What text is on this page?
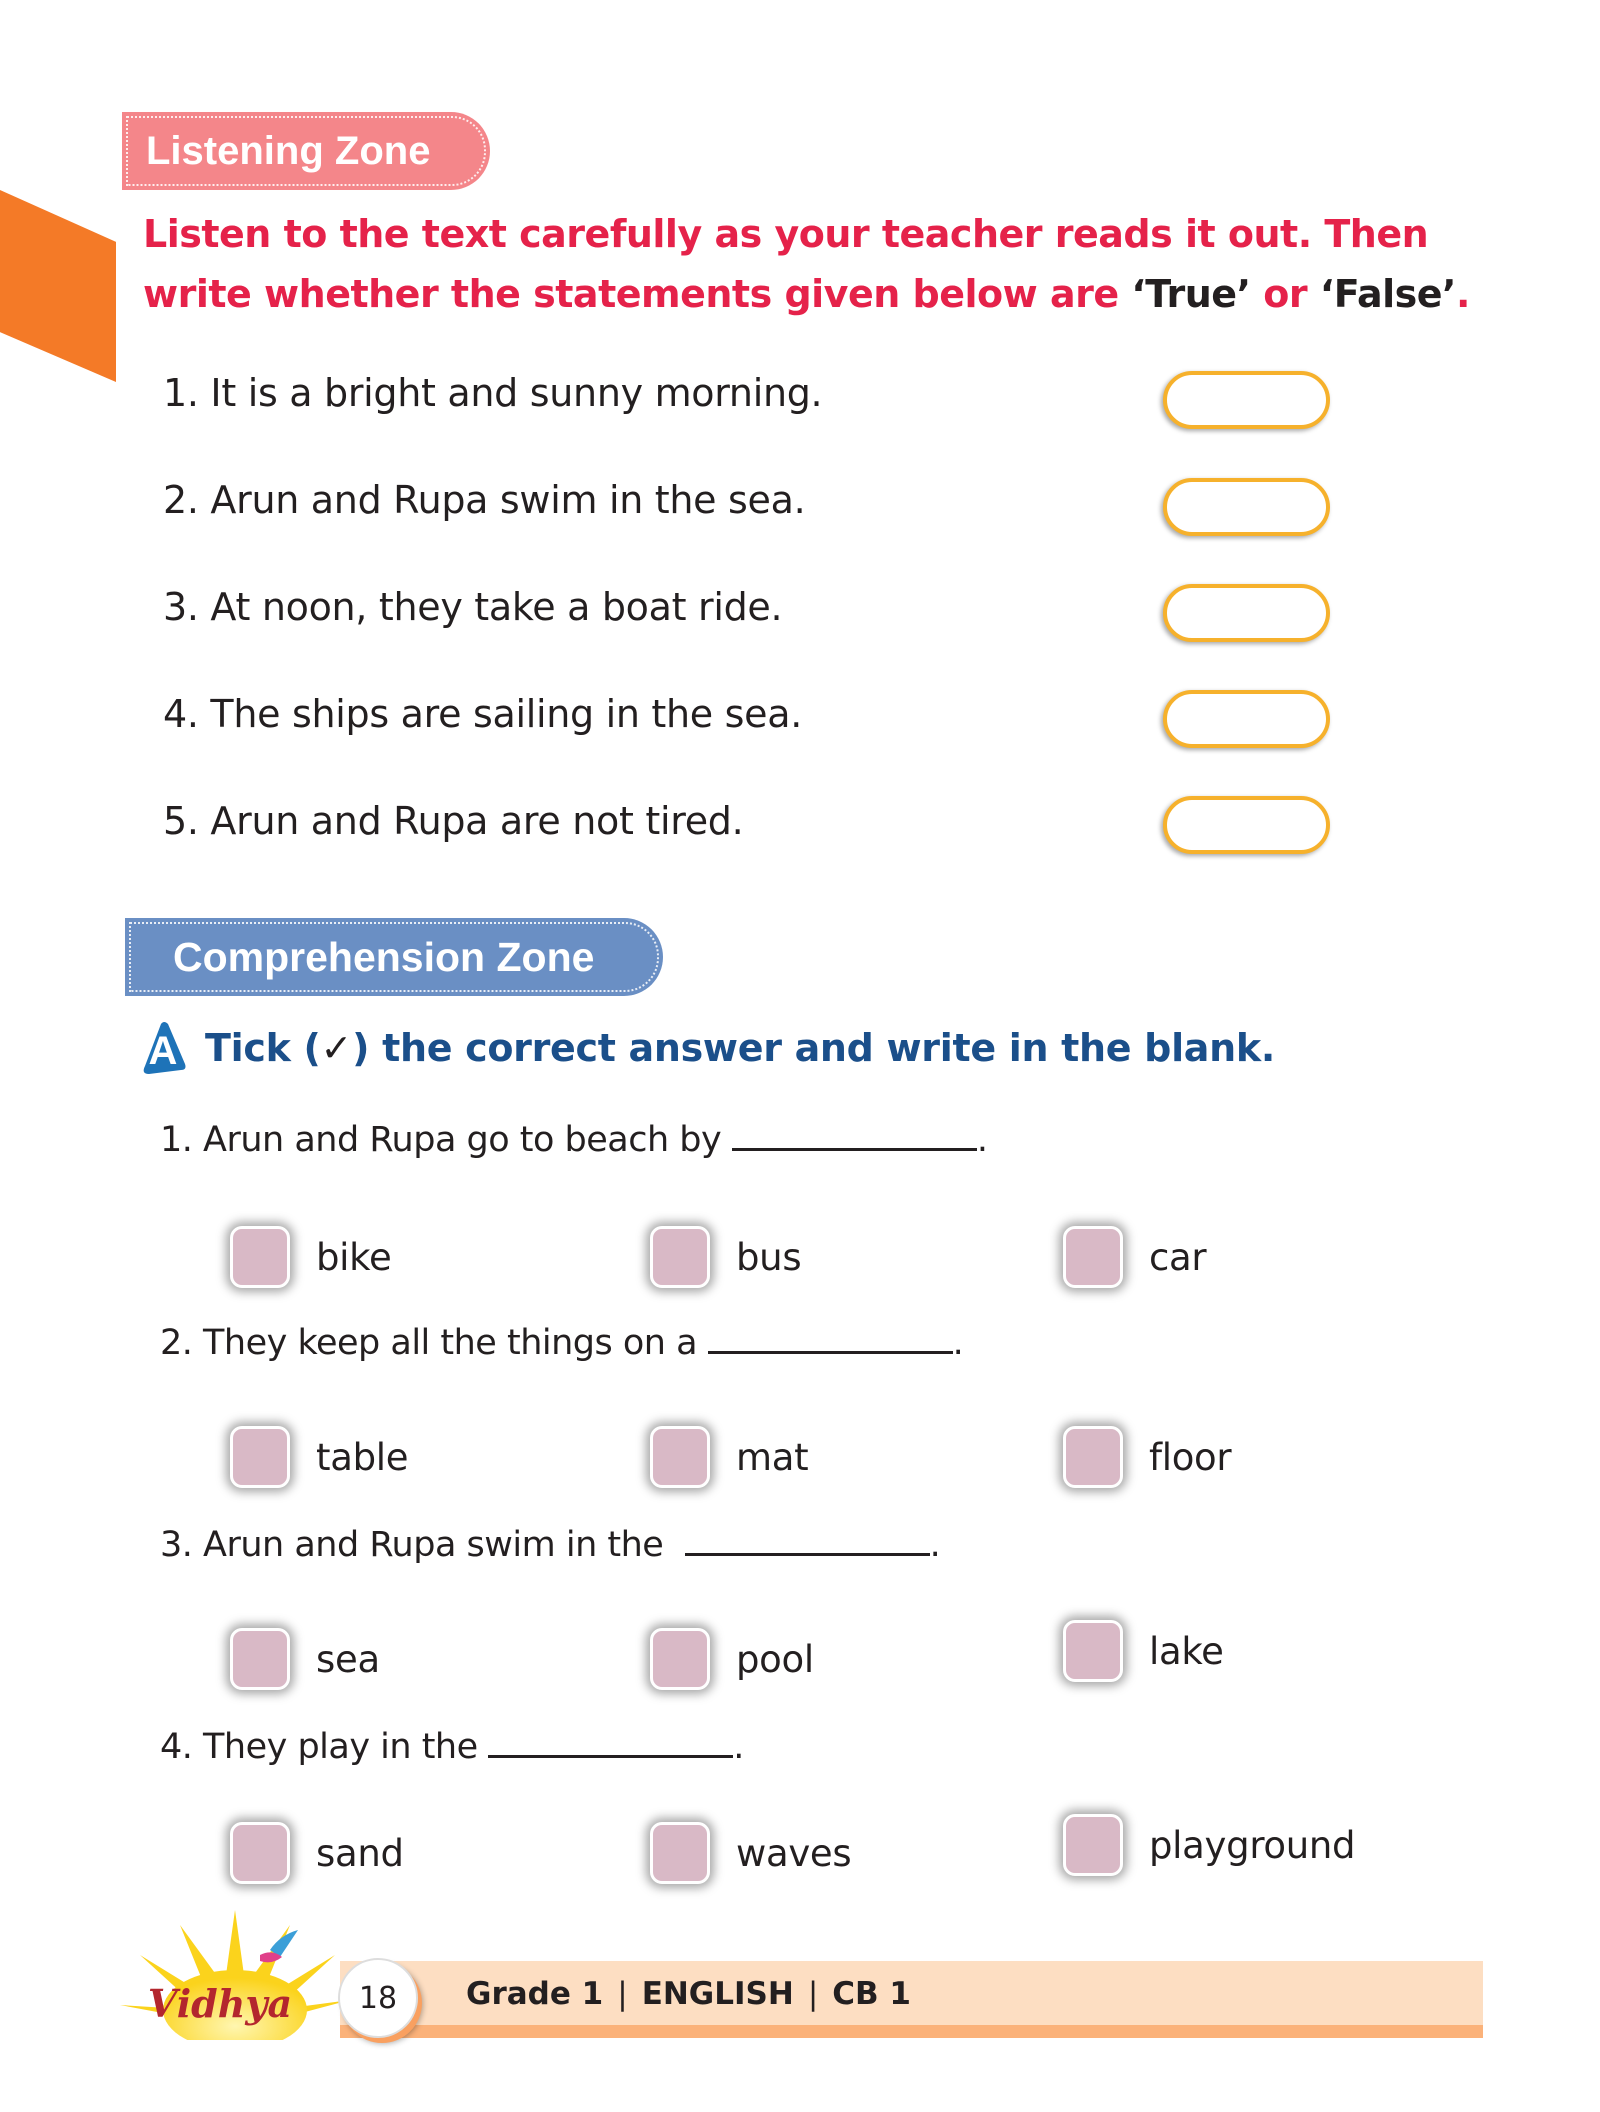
Listening Zone
Listen to the text carefully as your teacher reads it out. Then
write whether the statements given below are ‘True’ or ‘False’.
1. It is a bright and sunny morning.
2. Arun and Rupa swim in the sea.
3. At noon, they take a boat ride.
4. The ships are sailing in the sea.
5. Arun and Rupa are not tired.
Comprehension Zone
A Tick (✓) the correct answer and write in the blank.
1. Arun and Rupa go to beach by	.
bike	bus	car
2. They keep all the things on a	.
table	mat	floor
3. Arun and Rupa swim in the	.
sea	pool	lake
4. They play in the	.
sand	waves	playground
Vidhya 18 Grade 1 | ENGLISH | CB 1
